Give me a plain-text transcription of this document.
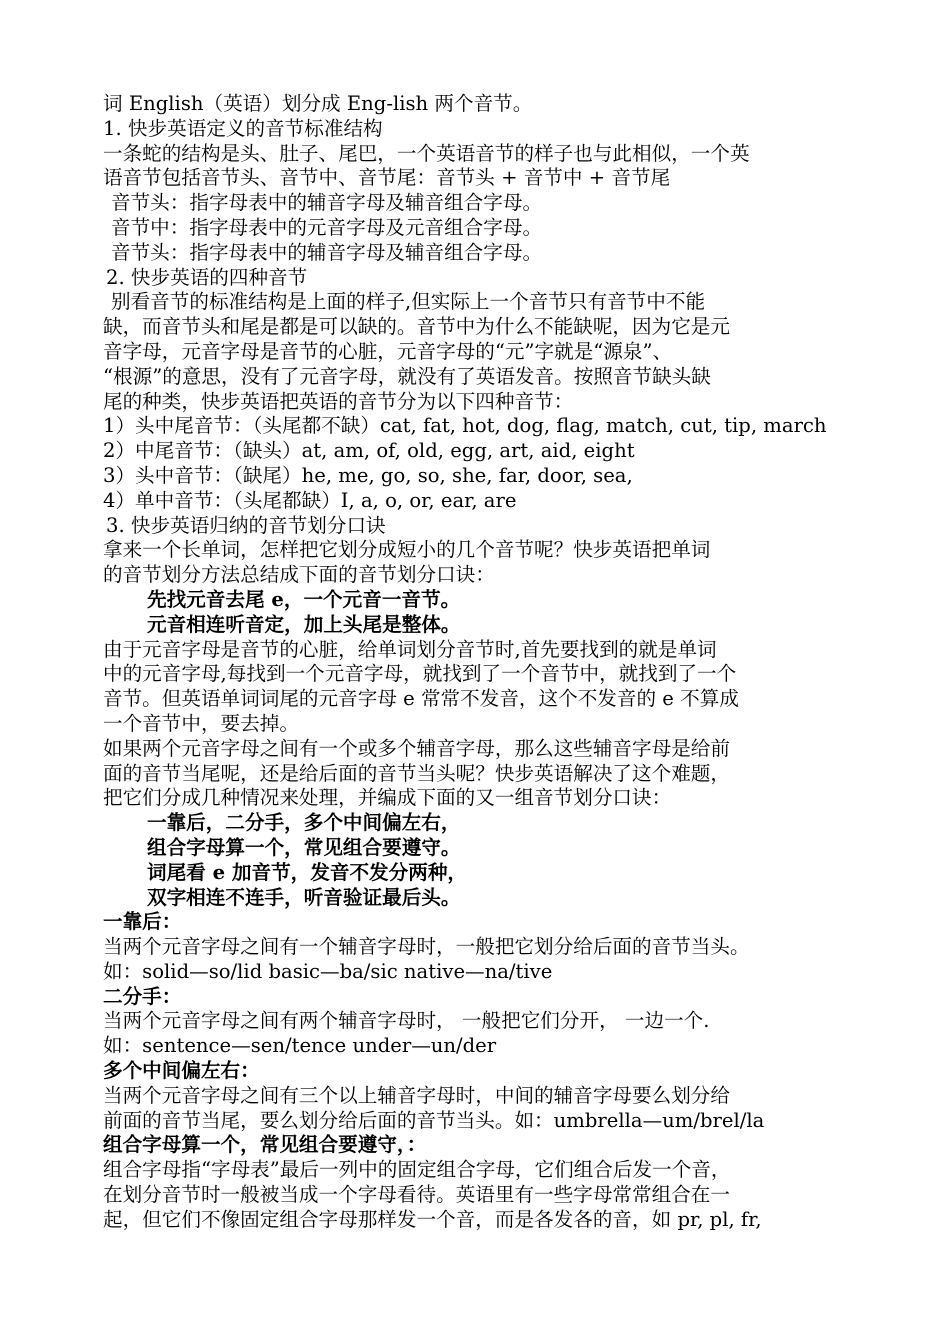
词 English（英语）划分成 Eng-lish 两个音节。
1. 快步英语定义的音节标准结构
一条蛇的结构是头、肚子、尾巴，一个英语音节的样子也与此相似，一个英
语音节包括音节头、音节中、音节尾：音节头 + 音节中 + 音节尾
音节头：指字母表中的辅音字母及辅音组合字母。
音节中：指字母表中的元音字母及元音组合字母。
音节头：指字母表中的辅音字母及辅音组合字母。
2. 快步英语的四种音节
别看音节的标准结构是上面的样子,但实际上一个音节只有音节中不能
缺，而音节头和尾是都是可以缺的。音节中为什么不能缺呢，因为它是元
音字母，元音字母是音节的心脏，元音字母的“元”字就是“源泉”、
“根源”的意思，没有了元音字母，就没有了英语发音。按照音节缺头缺
尾的种类，快步英语把英语的音节分为以下四种音节：
1）头中尾音节：（头尾都不缺）cat, fat, hot, dog, flag, match, cut, tip, march
2）中尾音节：（缺头）at, am, of, old, egg, art, aid, eight
3）头中音节：（缺尾）he, me, go, so, she, far, door, sea,
4）单中音节：（头尾都缺）I, a, o, or, ear, are
3. 快步英语归纳的音节划分口诀
拿来一个长单词，怎样把它划分成短小的几个音节呢？快步英语把单词
的音节划分方法总结成下面的音节划分口诀：
先找元音去尾 e，一个元音一音节。
元音相连听音定，加上头尾是整体。
由于元音字母是音节的心脏，给单词划分音节时,首先要找到的就是单词
中的元音字母,每找到一个元音字母，就找到了一个音节中，就找到了一个
音节。但英语单词词尾的元音字母 e 常常不发音，这个不发音的 e 不算成
一个音节中，要去掉。
如果两个元音字母之间有一个或多个辅音字母，那么这些辅音字母是给前
面的音节当尾呢，还是给后面的音节当头呢？快步英语解决了这个难题，
把它们分成几种情况来处理，并编成下面的又一组音节划分口诀：
一靠后，二分手，多个中间偏左右，
组合字母算一个，常见组合要遵守。
词尾看 e 加音节，发音不发分两种，
双字相连不连手，听音验证最后头。
一靠后：
当两个元音字母之间有一个辅音字母时，一般把它划分给后面的音节当头。
如：solid—so/lid basic—ba/sic native—na/tive
二分手：
当两个元音字母之间有两个辅音字母时， 一般把它们分开， 一边一个.
如：sentence—sen/tence under—un/der
多个中间偏左右：
当两个元音字母之间有三个以上辅音字母时，中间的辅音字母要么划分给
前面的音节当尾，要么划分给后面的音节当头。如：umbrella—um/brel/la
组合字母算一个，常见组合要遵守，：
组合字母指“字母表”最后一列中的固定组合字母，它们组合后发一个音，
在划分音节时一般被当成一个字母看待。英语里有一些字母常常组合在一
起，但它们不像固定组合字母那样发一个音，而是各发各的音，如 pr, pl, fr,
